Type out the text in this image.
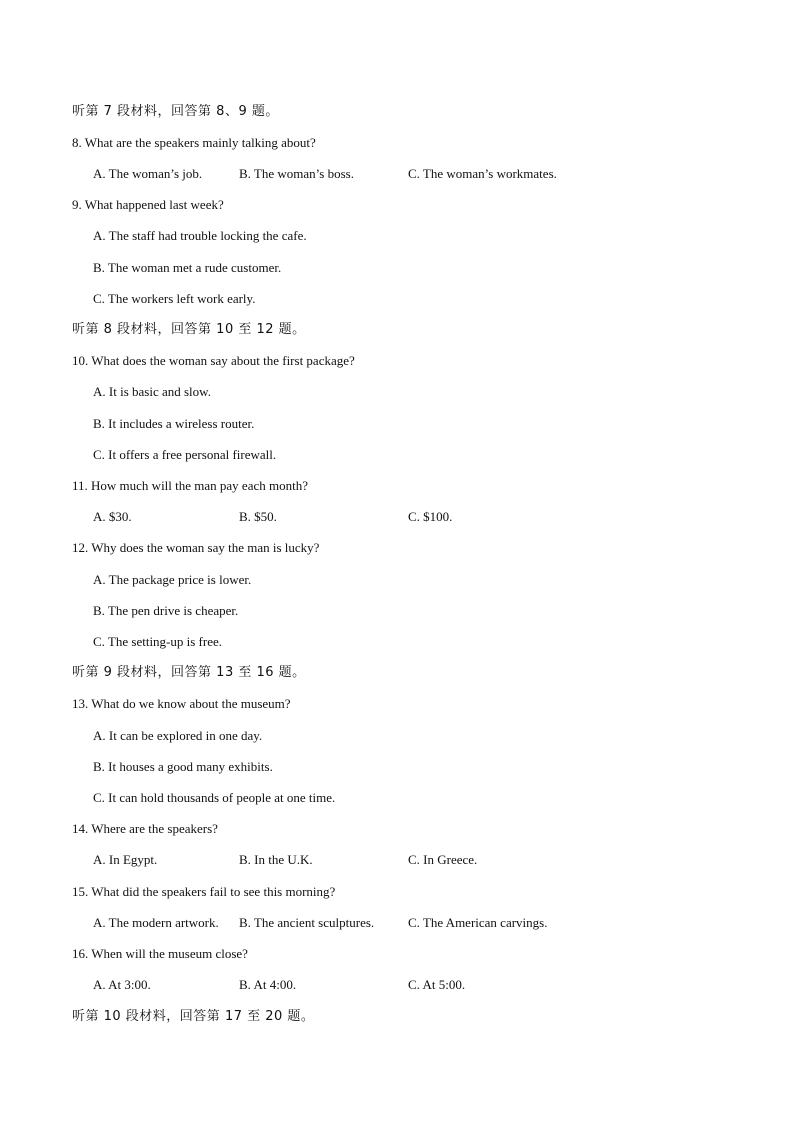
听第 7 段材料，回答第 8、9 题。
8. What are the speakers mainly talking about?
A. The woman’s job.	B. The woman’s boss.	C. The woman’s workmates.
9. What happened last week?
A. The staff had trouble locking the cafe.
B. The woman met a rude customer.
C. The workers left work early.
听第 8 段材料，回答第 10 至 12 题。
10. What does the woman say about the first package?
A. It is basic and slow.
B. It includes a wireless router.
C. It offers a free personal firewall.
11. How much will the man pay each month?
A. $30.	B. $50.	C. $100.
12. Why does the woman say the man is lucky?
A. The package price is lower.
B. The pen drive is cheaper.
C. The setting-up is free.
听第 9 段材料，回答第 13 至 16 题。
13. What do we know about the museum?
A. It can be explored in one day.
B. It houses a good many exhibits.
C. It can hold thousands of people at one time.
14. Where are the speakers?
A. In Egypt.	B. In the U.K.	C. In Greece.
15. What did the speakers fail to see this morning?
A. The modern artwork. B. The ancient sculptures.	C. The American carvings.
16. When will the museum close?
A. At 3:00.	B. At 4:00.	C. At 5:00.
听第 10 段材料，回答第 17 至 20 题。
